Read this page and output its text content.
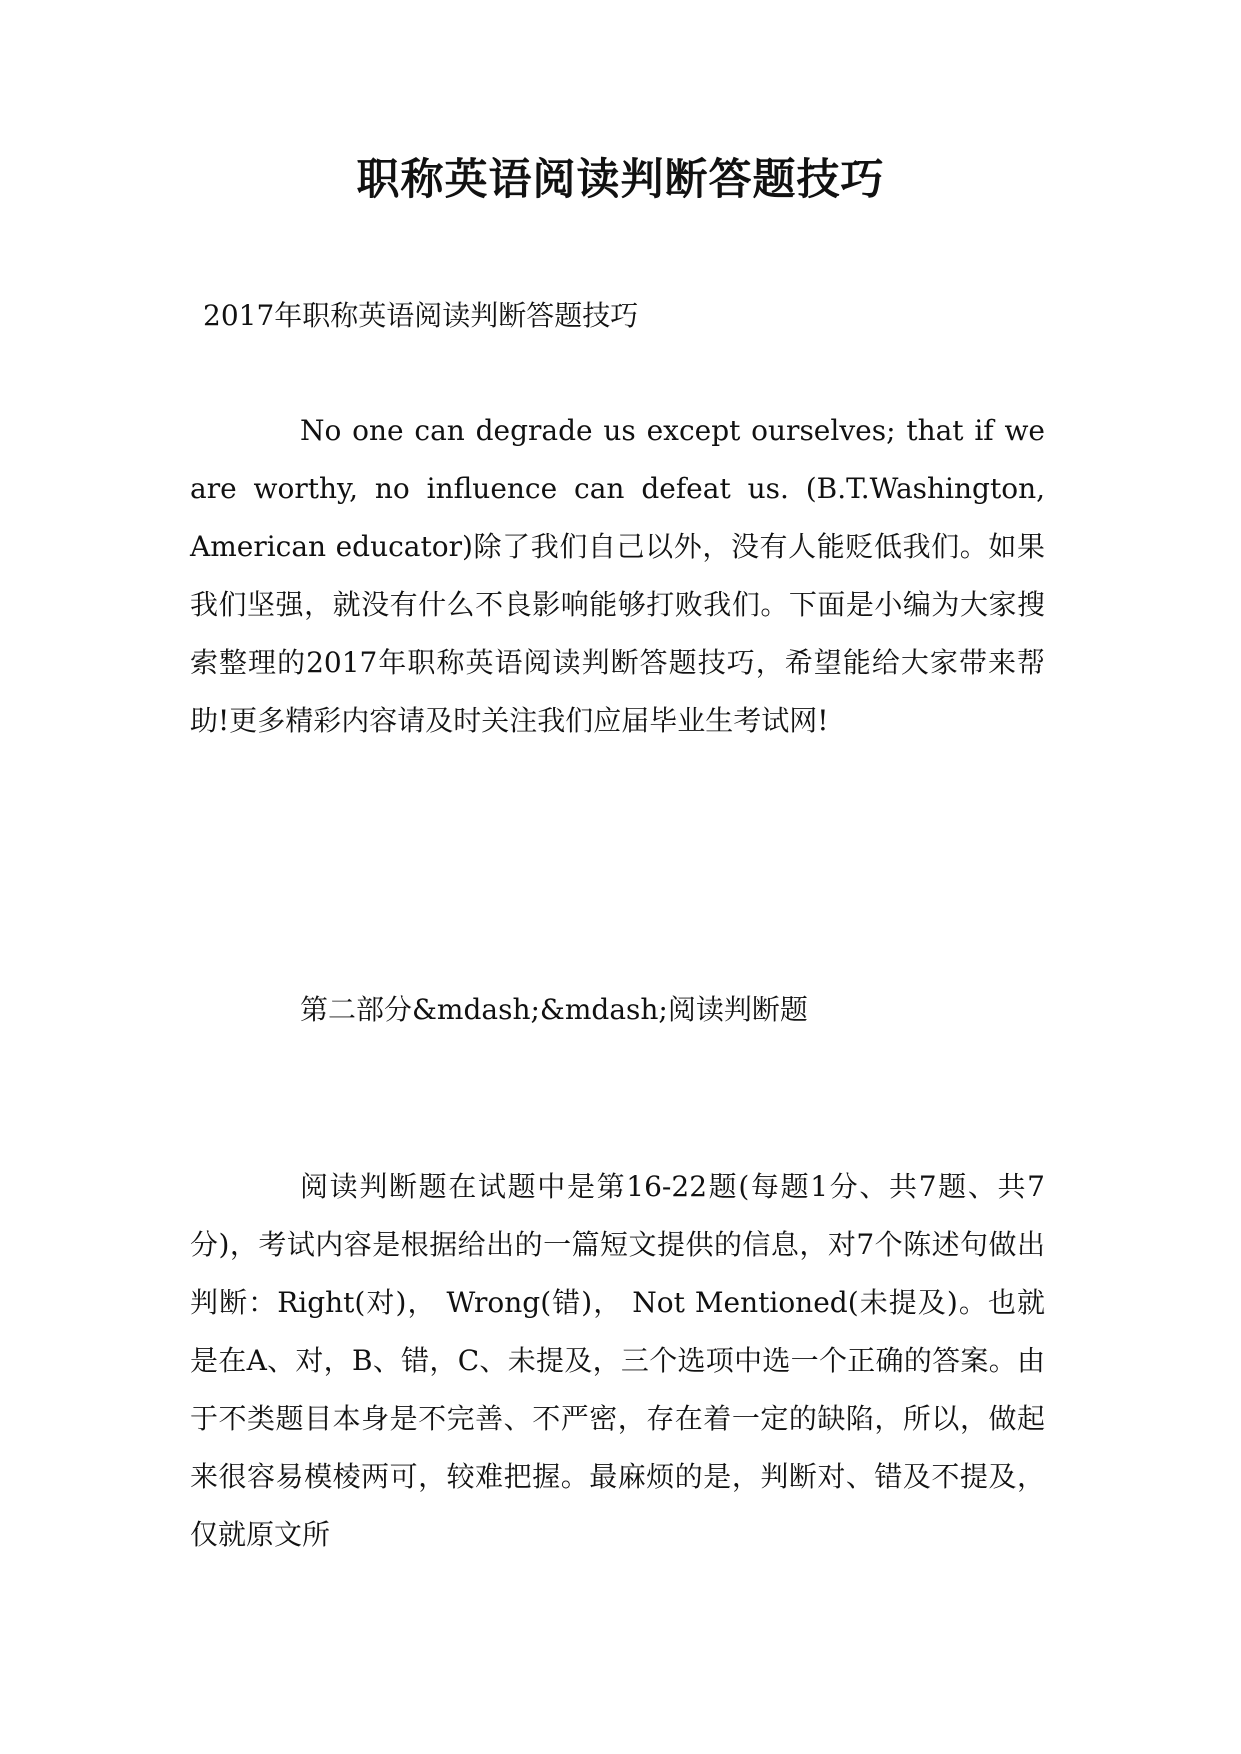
职称英语阅读判断答题技巧
2017年职称英语阅读判断答题技巧

No one can degrade us except ourselves; that if we are worthy, no influence can defeat us. (B.T.Washington, American educator)除了我们自己以外，没有人能贬低我们。如果我们坚强，就没有什么不良影响能够打败我们。下面是小编为大家搜索整理的2017年职称英语阅读判断答题技巧，希望能给大家带来帮助!更多精彩内容请及时关注我们应届毕业生考试网!

第二部分&mdash;&mdash;阅读判断题

阅读判断题在试题中是第16-22题(每题1分、共7题、共7分)，考试内容是根据给出的一篇短文提供的信息，对7个陈述句做出判断：Right(对)， Wrong(错)， Not Mentioned(未提及)。也就是在A、对，B、错，C、未提及，三个选项中选一个正确的答案。由于不类题目本身是不完善、不严密，存在着一定的缺陷，所以，做起来很容易模棱两可，较难把握。最麻烦的是，判断对、错及不提及，仅就原文所
